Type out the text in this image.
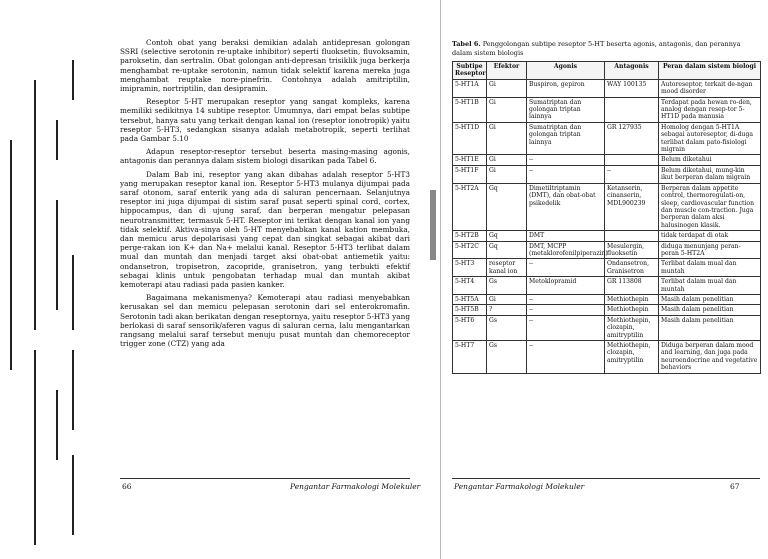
Contoh obat yang beraksi demikian adalah antidepresan golongan SSRI (selective serotonin re-uptake inhibitor) seperti fluoksetin, fluvoksamin, paroksetin, dan sertralin. Obat golongan anti-depresan trisiklik juga berkerja menghambat re-uptake serotonin, namun tidak selektif karena mereka juga menghambat reuptake nore-pinefrin. Contohnya adalah amitriptilin, imipramin, nortriptilin, dan desipramin.

Reseptor 5-HT merupakan reseptor yang sangat kompleks, karena memiliki sedikitnya 14 subtipe reseptor. Umumnya, dari empat belas subtipe tersebut, hanya satu yang terkait dengan kanal ion (reseptor ionotropik) yaitu reseptor 5-HT3, sedangkan sisanya adalah metabotropik, seperti terlihat pada Gambar 5.10

Adapun reseptor-reseptor tersebut beserta masing-masing agonis, antagonis dan perannya dalam sistem biologi disarikan pada Tabel 6.

Dalam Bab ini, reseptor yang akan dibahas adalah reseptor 5-HT3 yang merupakan reseptor kanal ion. Reseptor 5-HT3 mulanya dijumpai pada saraf otonom, saraf enterik yang ada di saluran pencernaan. Selanjutnya reseptor ini juga dijumpai di sistim saraf pusat seperti spinal cord, cortex, hippocampus, dan di ujung saraf, dan berperan mengatur pelepasan neurotransmitter, termasuk 5-HT. Reseptor ini terikat dengan kanal ion yang tidak selektif. Aktiva-sinya oleh 5-HT menyebabkan kanal kation membuka, dan memicu arus depolarisasi yang cepat dan singkat sebagai akibat dari perge-rakan ion K+ dan Na+ melalui kanal. Reseptor 5-HT3 terlibat dalam mual dan muntah dan menjadi target aksi obat-obat antiemetik yaitu: ondansetron, tropisetron, zacopride, granisetron, yang terbukti efektif sebagai klinis untuk pengobatan terhadap mual dan muntah akibat kemoterapi atau radiasi pada pasien kanker.

Bagaimana mekanismenya? Kemoterapi atau radiasi menyebabkan kerusakan sel dan memicu pelepasan serotonin dari sel enterokromafin. Serotonin tadi akan berikatan dengan reseptornya, yaitu reseptor 5-HT3 yang berlokasi di saraf sensorik/aferen vagus di saluran cerna, lalu mengantarkan rangsang melalui saraf tersebut menuju pusat muntah dan chemoreceptor trigger zone (CTZ) yang ada

66	Pengantar Farmakologi Molekuler
Tabel 6. Penggolongan subtipe reseptor 5-HT beserta agonis, antagonis, dan perannya dalam sistem biologis
Subtipe Reseptor	Efektor	Agonis	Antagonis	Peran dalam sistem biologi
5-HT1A	Gi	Buspiron, gepiron	WAY 100135	Autoreseptor, terkait de-ngan mood disorder
5-HT1B	Gi	Sumatriptan dan golongan triptan lainnya		Terdapat pada hewan ro-den, analog dengan resep-tor 5-HT1D pada manusia
5-HT1D	Gi	Sumatriptan dan golongan triptan lainnya	GR 127935	Homolog dengan 5-HT1A sebagai autoreseptor, di-duga terlibat dalam pato-fisiologi migrain
5-HT1E	Gi	--		Belum diketahui
5-HT1F	Gi	--	--	Belum diketahui, mung-kin ikut berperan dalam migrain
5-HT2A	Gq	Dimetiltriptamin (DMT), dan obat-obat psikedelik	Ketanserin, cinanserin, MDL900239	Berperan dalam appetite control, thermoregulati-on, sleep, cardiovascular function dan muscle con-traction. Juga berperan dalam aksi halusinogen klasik.
5-HT2B	Gq	DMT		tidak terdapat di otak
5-HT2C	Gq	DMT, MCPP (metaklorofenilpiperazin)	Mesulergin, fluoksetin	diduga menunjang peran-peran 5-HT2A
5-HT3	reseptor kanal ion	--	Ondansetron, Granisetron	Terlibat dalam mual dan muntah
5-HT4	Gs	Metoklopramid	GR 113808	Terlibat dalam mual dan muntah
5-HT5A	Gi	--	Methiothepin	Masih dalam penelitian
5-HT5B	?	--	Methiothepin	Masih dalam penelitian
5-HT6	Gs	--	Methiothepin, clozapin, amitryptilin	Masih dalam penelitian
5-HT7	Gs	--	Methiothepin, clozapin, amitryptilin	Diduga berperan dalam mood and learning, dan juga pada neuroendocrine and vegetative behaviors
Pengantar Farmakologi Molekuler	67
